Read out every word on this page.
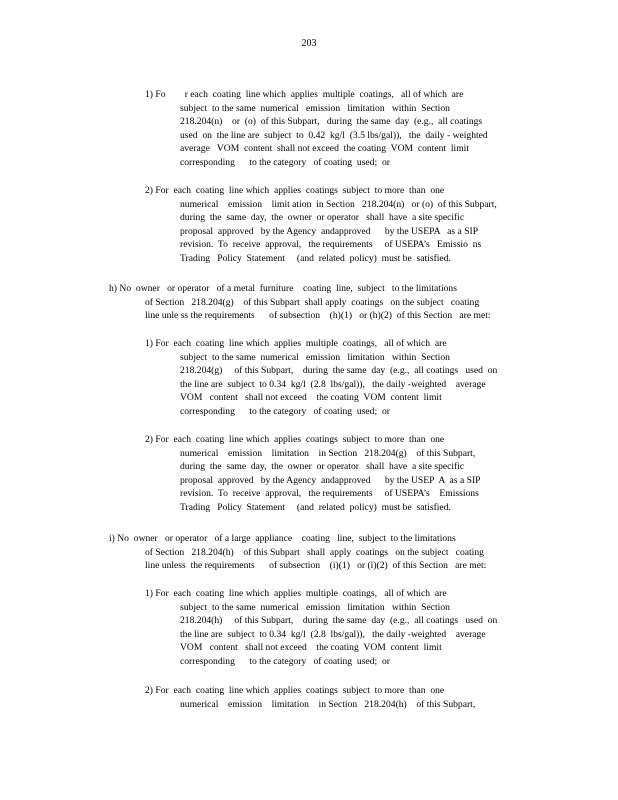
203
1) Fo        r each  coating  line which  applies  multiple  coatings,   all of which  are
subject  to the same  numerical   emission   limitation   within  Section
218.204(n)    or  (o)  of this Subpart,   during  the same  day  (e.g.,  all coatings
used  on  the line are  subject  to  0.42  kg/l  (3.5 lbs/gal)),   the  daily - weighted
average   VOM  content  shall not exceed  the coating  VOM  content  limit
corresponding      to the category   of coating  used;  or
2) For  each  coating  line which  applies  coatings  subject  to more  than  one
numerical    emission    limit ation  in Section   218.204(n)   or (o)  of this Subpart,
during  the  same  day,  the  owner  or operator   shall  have  a site specific
proposal  approved   by the Agency  andapproved      by the USEPA   as a SIP
revision.  To  receive  approval,   the requirements     of USEPA’s   Emissio  ns
Trading   Policy  Statement     (and  related  policy)  must be  satisfied.
h) No  owner   or operator   of a metal  furniture    coating  line,  subject   to the limitations
of Section   218.204(g)    of this Subpart  shall apply  coatings   on the subject   coating
line unle ss the requirements      of subsection    (h)(1)   or (h)(2)  of this Section   are met:
1) For  each  coating  line which  applies  multiple  coatings,   all of which  are
subject  to the same  numerical   emission   limitation   within  Section
218.204(g)     of this Subpart,    during  the same  day  (e.g.,  all coatings   used  on
the line are  subject  to 0.34  kg/l  (2.8  lbs/gal)),   the daily -weighted    average
VOM   content   shall not exceed    the coating  VOM  content  limit
corresponding      to the category   of coating  used;  or
2) For  each  coating  line which  applies  coatings  subject  to more  than  one
numerical    emission    limitation    in Section   218.204(g)    of this Subpart,
during  the  same  day,  the  owner  or operator   shall  have  a site specific
proposal  approved   by the Agency  andapproved      by the USEP  A  as a SIP
revision.  To  receive  approval,   the requirements     of USEPA’s    Emissions
Trading   Policy  Statement     (and  related  policy)  must be  satisfied.
i) No  owner   or operator   of a large  appliance    coating   line,  subject  to the limitations
of Section   218.204(h)    of this Subpart   shall  apply  coatings   on the subject   coating
line unless  the requirements      of subsection    (i)(1)   or (i)(2)  of this Section   are met:
1) For  each  coating  line which  applies  multiple  coatings,   all of which  are
subject  to the same  numerical   emission   limitation   within  Section
218.204(h)     of this Subpart,    during  the same  day  (e.g.,  all coatings   used  on
the line are  subject  to 0.34  kg/l  (2.8  lbs/gal)),   the daily -weighted    average
VOM   content   shall not exceed    the coating  VOM  content  limit
corresponding      to the category   of coating  used;  or
2) For  each  coating  line which  applies  coatings  subject  to more  than  one
numerical    emission    limitation    in Section   218.204(h)    of this Subpart,
